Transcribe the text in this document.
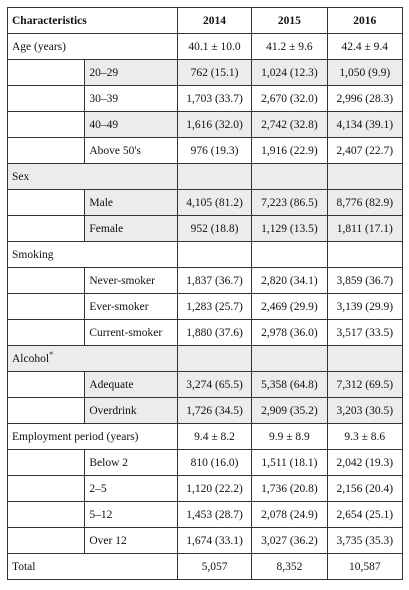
Characteristics		2014	2015	2016
Age (years)		40.1 ± 10.0	41.2 ± 9.6	42.4 ± 9.4
	20–29	762 (15.1)	1,024 (12.3)	1,050 (9.9)
	30–39	1,703 (33.7)	2,670 (32.0)	2,996 (28.3)
	40–49	1,616 (32.0)	2,742 (32.8)	4,134 (39.1)
	Above 50's	976 (19.3)	1,916 (22.9)	2,407 (22.7)
Sex				
	Male	4,105 (81.2)	7,223 (86.5)	8,776 (82.9)
	Female	952 (18.8)	1,129 (13.5)	1,811 (17.1)
Smoking				
	Never-smoker	1,837 (36.7)	2,820 (34.1)	3,859 (36.7)
	Ever-smoker	1,283 (25.7)	2,469 (29.9)	3,139 (29.9)
	Current-smoker	1,880 (37.6)	2,978 (36.0)	3,517 (33.5)
Alcohol*			
	Adequate	3,274 (65.5)	5,358 (64.8)	7,312 (69.5)
	Overdrink	1,726 (34.5)	2,909 (35.2)	3,203 (30.5)
Employment period (years)		9.4 ± 8.2	9.9 ± 8.9	9.3 ± 8.6
	Below 2	810 (16.0)	1,511 (18.1)	2,042 (19.3)
	2–5	1,120 (22.2)	1,736 (20.8)	2,156 (20.4)
	5–12	1,453 (28.7)	2,078 (24.9)	2,654 (25.1)
	Over 12	1,674 (33.1)	3,027 (36.2)	3,735 (35.3)
Total		5,057	8,352	10,587
